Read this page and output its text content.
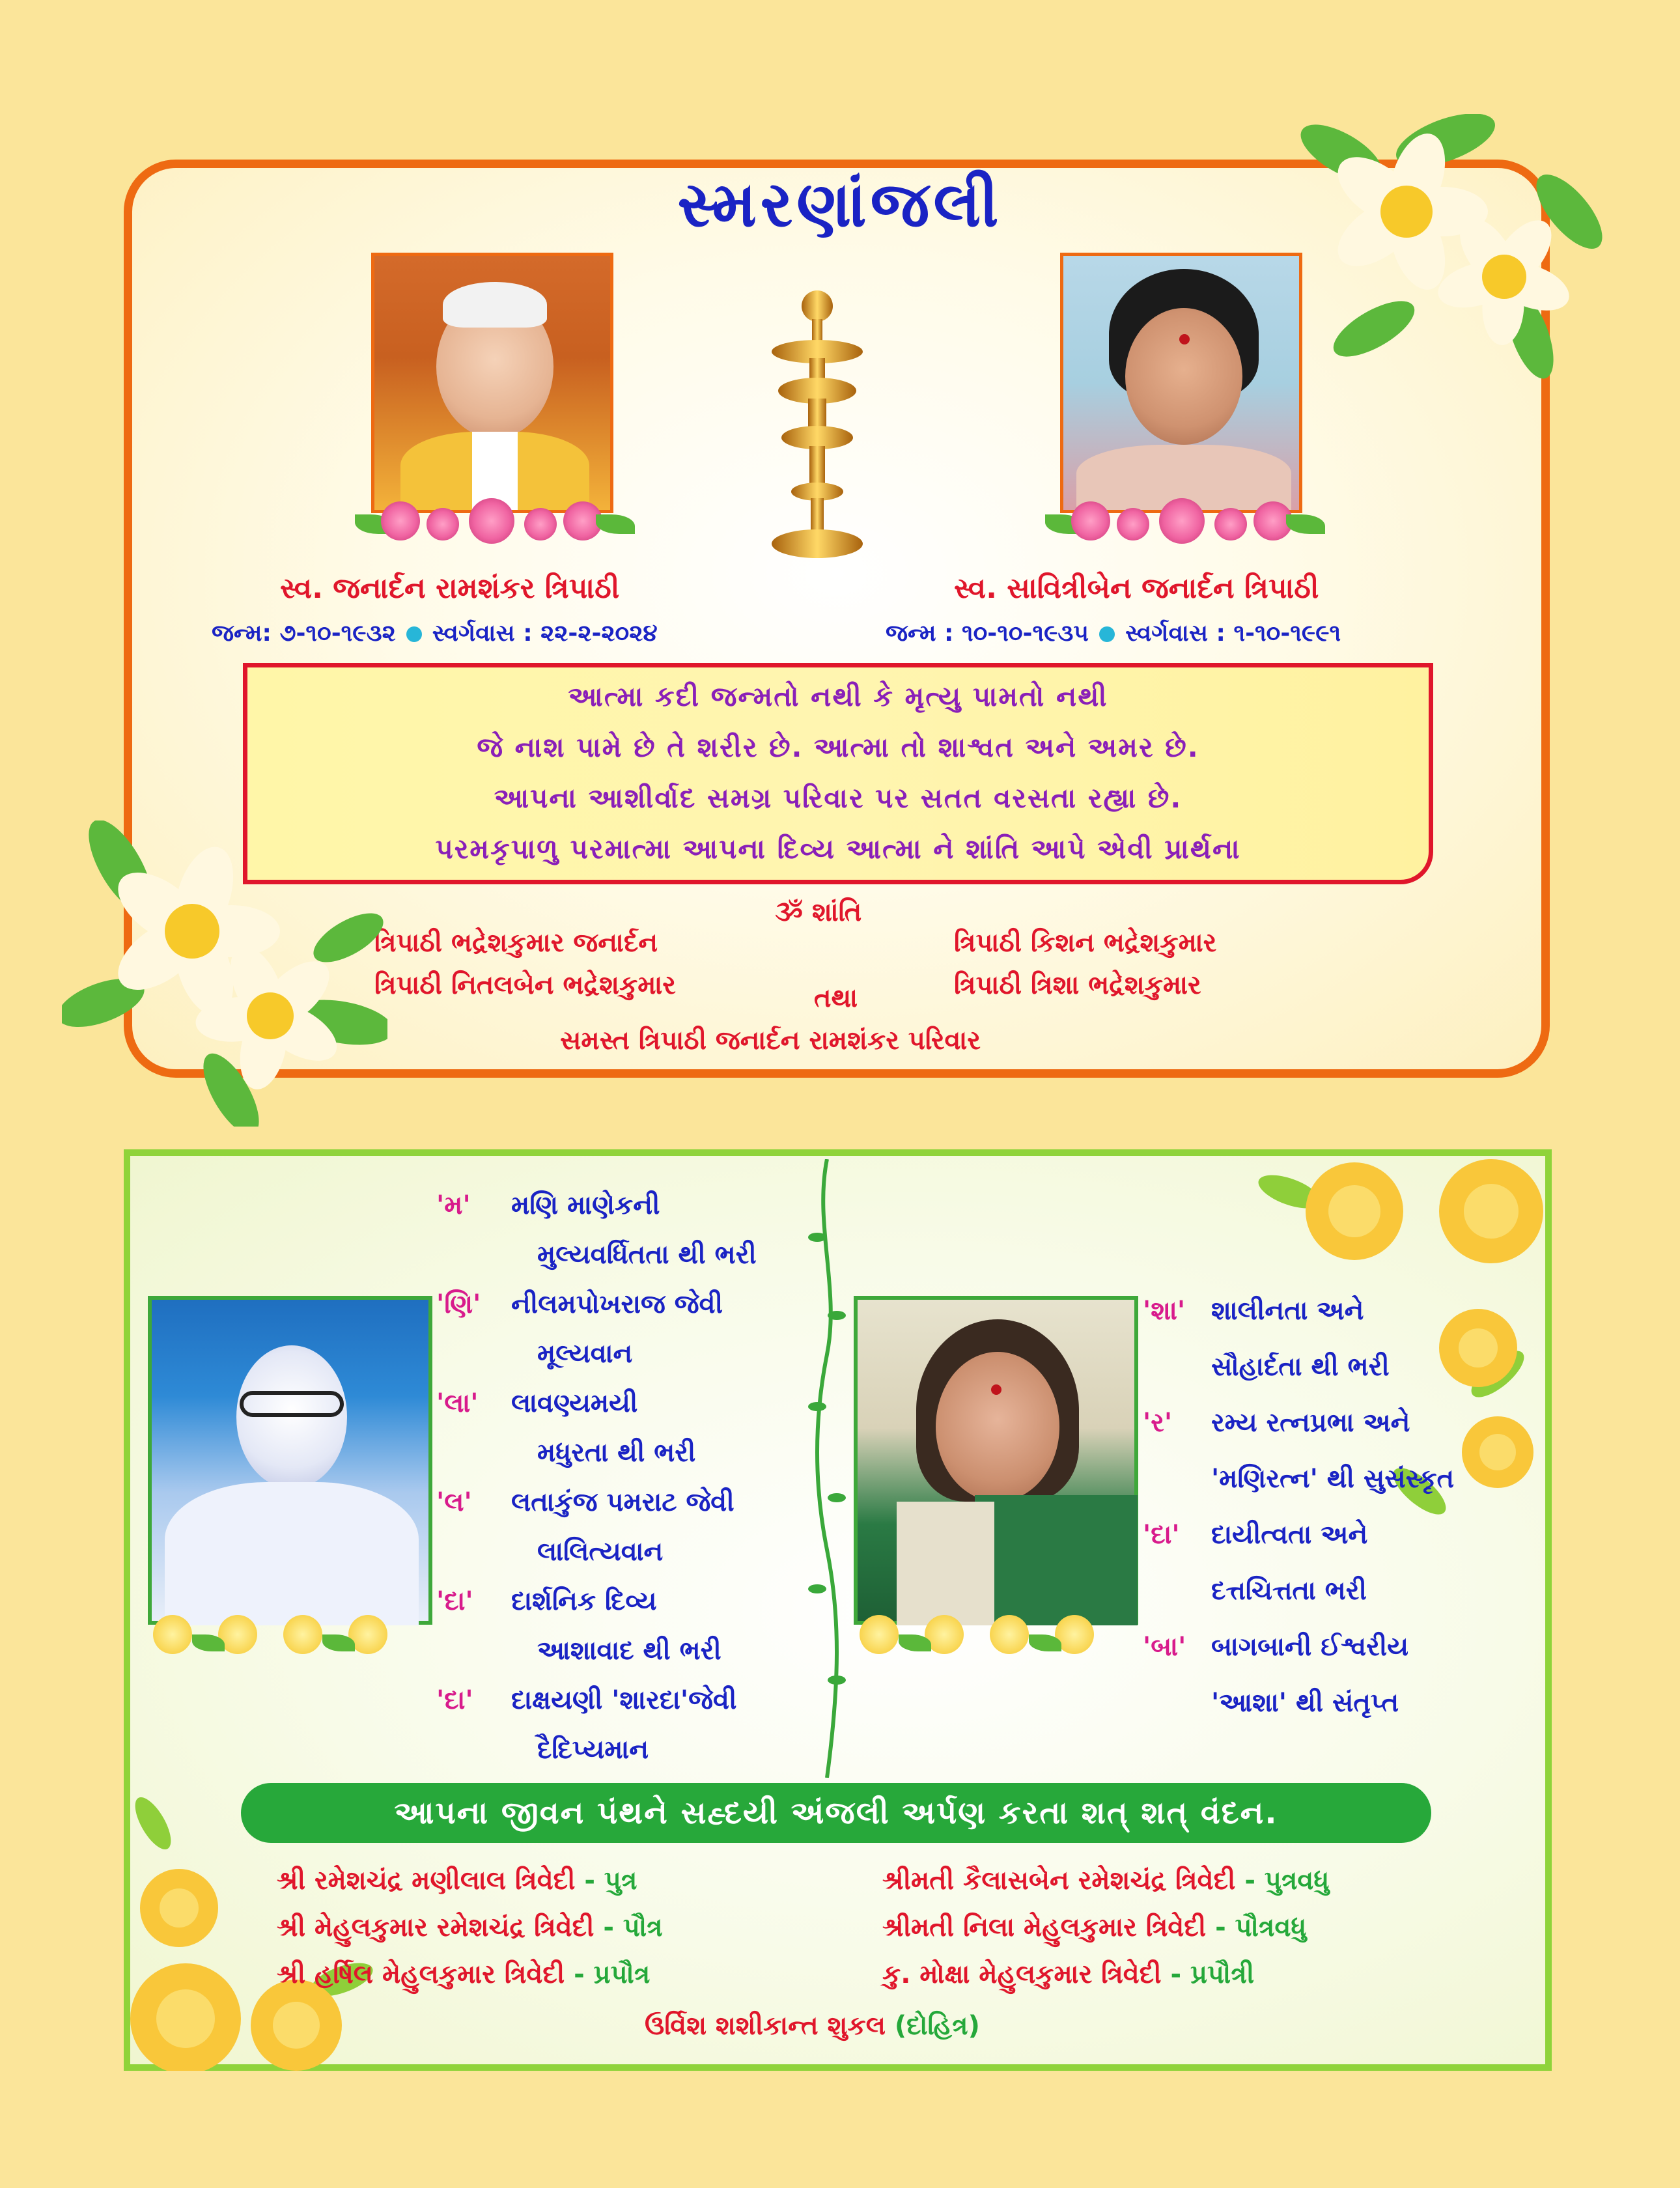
સ્મરણાંજલી
સ્વ. જનાર્દન રામશંકર ત્રિપાઠી	સ્વ. સાવિત્રીબેન જનાર્દન ત્રિપાઠી
જન્મ: ૭-૧૦-૧૯૩૨ સ્વર્ગવાસ : ૨૨-૨-૨૦૨૪	જન્મ : ૧૦-૧૦-૧૯૩૫ સ્વર્ગવાસ : ૧-૧૦-૧૯૯૧
આત્મા કદી જન્મતો નથી કે મૃત્યુ પામતો નથી
જે નાશ પામે છે તે શરીર છે. આત્મા તો શાશ્વત અને અમર છે.
આપના આશીર્વાદ સમગ્ર પરિવાર પર સતત વરસતા રહ્યા છે.
પરમકૃપાળુ પરમાત્મા આપના દિવ્ય આત્મા ને શાંતિ આપે એવી પ્રાર્થના
ૐ શાંતિ
ત્રિપાઠી ભદ્રેશકુમાર જનાર્દન
ત્રિપાઠી નિતલબેન ભદ્રેશકુમાર
ત્રિપાઠી કિશન ભદ્રેશકુમાર
ત્રિપાઠી ત્રિશા ભદ્રેશકુમાર
તથા
સમસ્ત ત્રિપાઠી જનાર્દન રામશંકર પરિવાર
'મ' મણિ માણેકની
મુલ્યવર્ધિતતા થી ભરી
'ણિ' નીલમપોખરાજ જેવી
મૂલ્યવાન
'લા' લાવણ્યમયી
મધુરતા થી ભરી
'લ' લતાકુંજ પમરાટ જેવી
લાલિત્યવાન
'દા' દાર્શનિક દિવ્ય
આશાવાદ થી ભરી
'દા' દાક્ષયણી 'શારદા'જેવી
દૈદિપ્યમાન
'શા' શાલીનતા અને
સૌહાર્દતા થી ભરી
'ર' રમ્ય રત્નપ્રભા અને
'મણિરત્ન' થી સુસંસ્કૃત
'દા' દાયીત્વતા અને
દત્તચિત્તતા ભરી
'બા' બાગબાની ઈશ્વરીય
'આશા' થી સંતૃપ્ત
આપના જીવન પંથને સહ્દયી અંજલી અર્પણ કરતા શત્ શત્ વંદન.
શ્રી રમેશચંદ્ર મણીલાલ ત્રિવેદી - પુત્ર
શ્રી મેહુલકુમાર રમેશચંદ્ર ત્રિવેદી - પૌત્ર
શ્રી હર્ષિલ મેહુલકુમાર ત્રિવેદી - પ્રપૌત્ર
શ્રીમતી કૈલાસબેન રમેશચંદ્ર ત્રિવેદી - પુત્રવધુ
શ્રીમતી નિલા મેહુલકુમાર ત્રિવેદી - પૌત્રવધુ
કુ. મોક્ષા મેહુલકુમાર ત્રિવેદી - પ્રપૌત્રી
ઉર્વિશ શશીકાન્ત શુકલ (દોહિત્ર)
